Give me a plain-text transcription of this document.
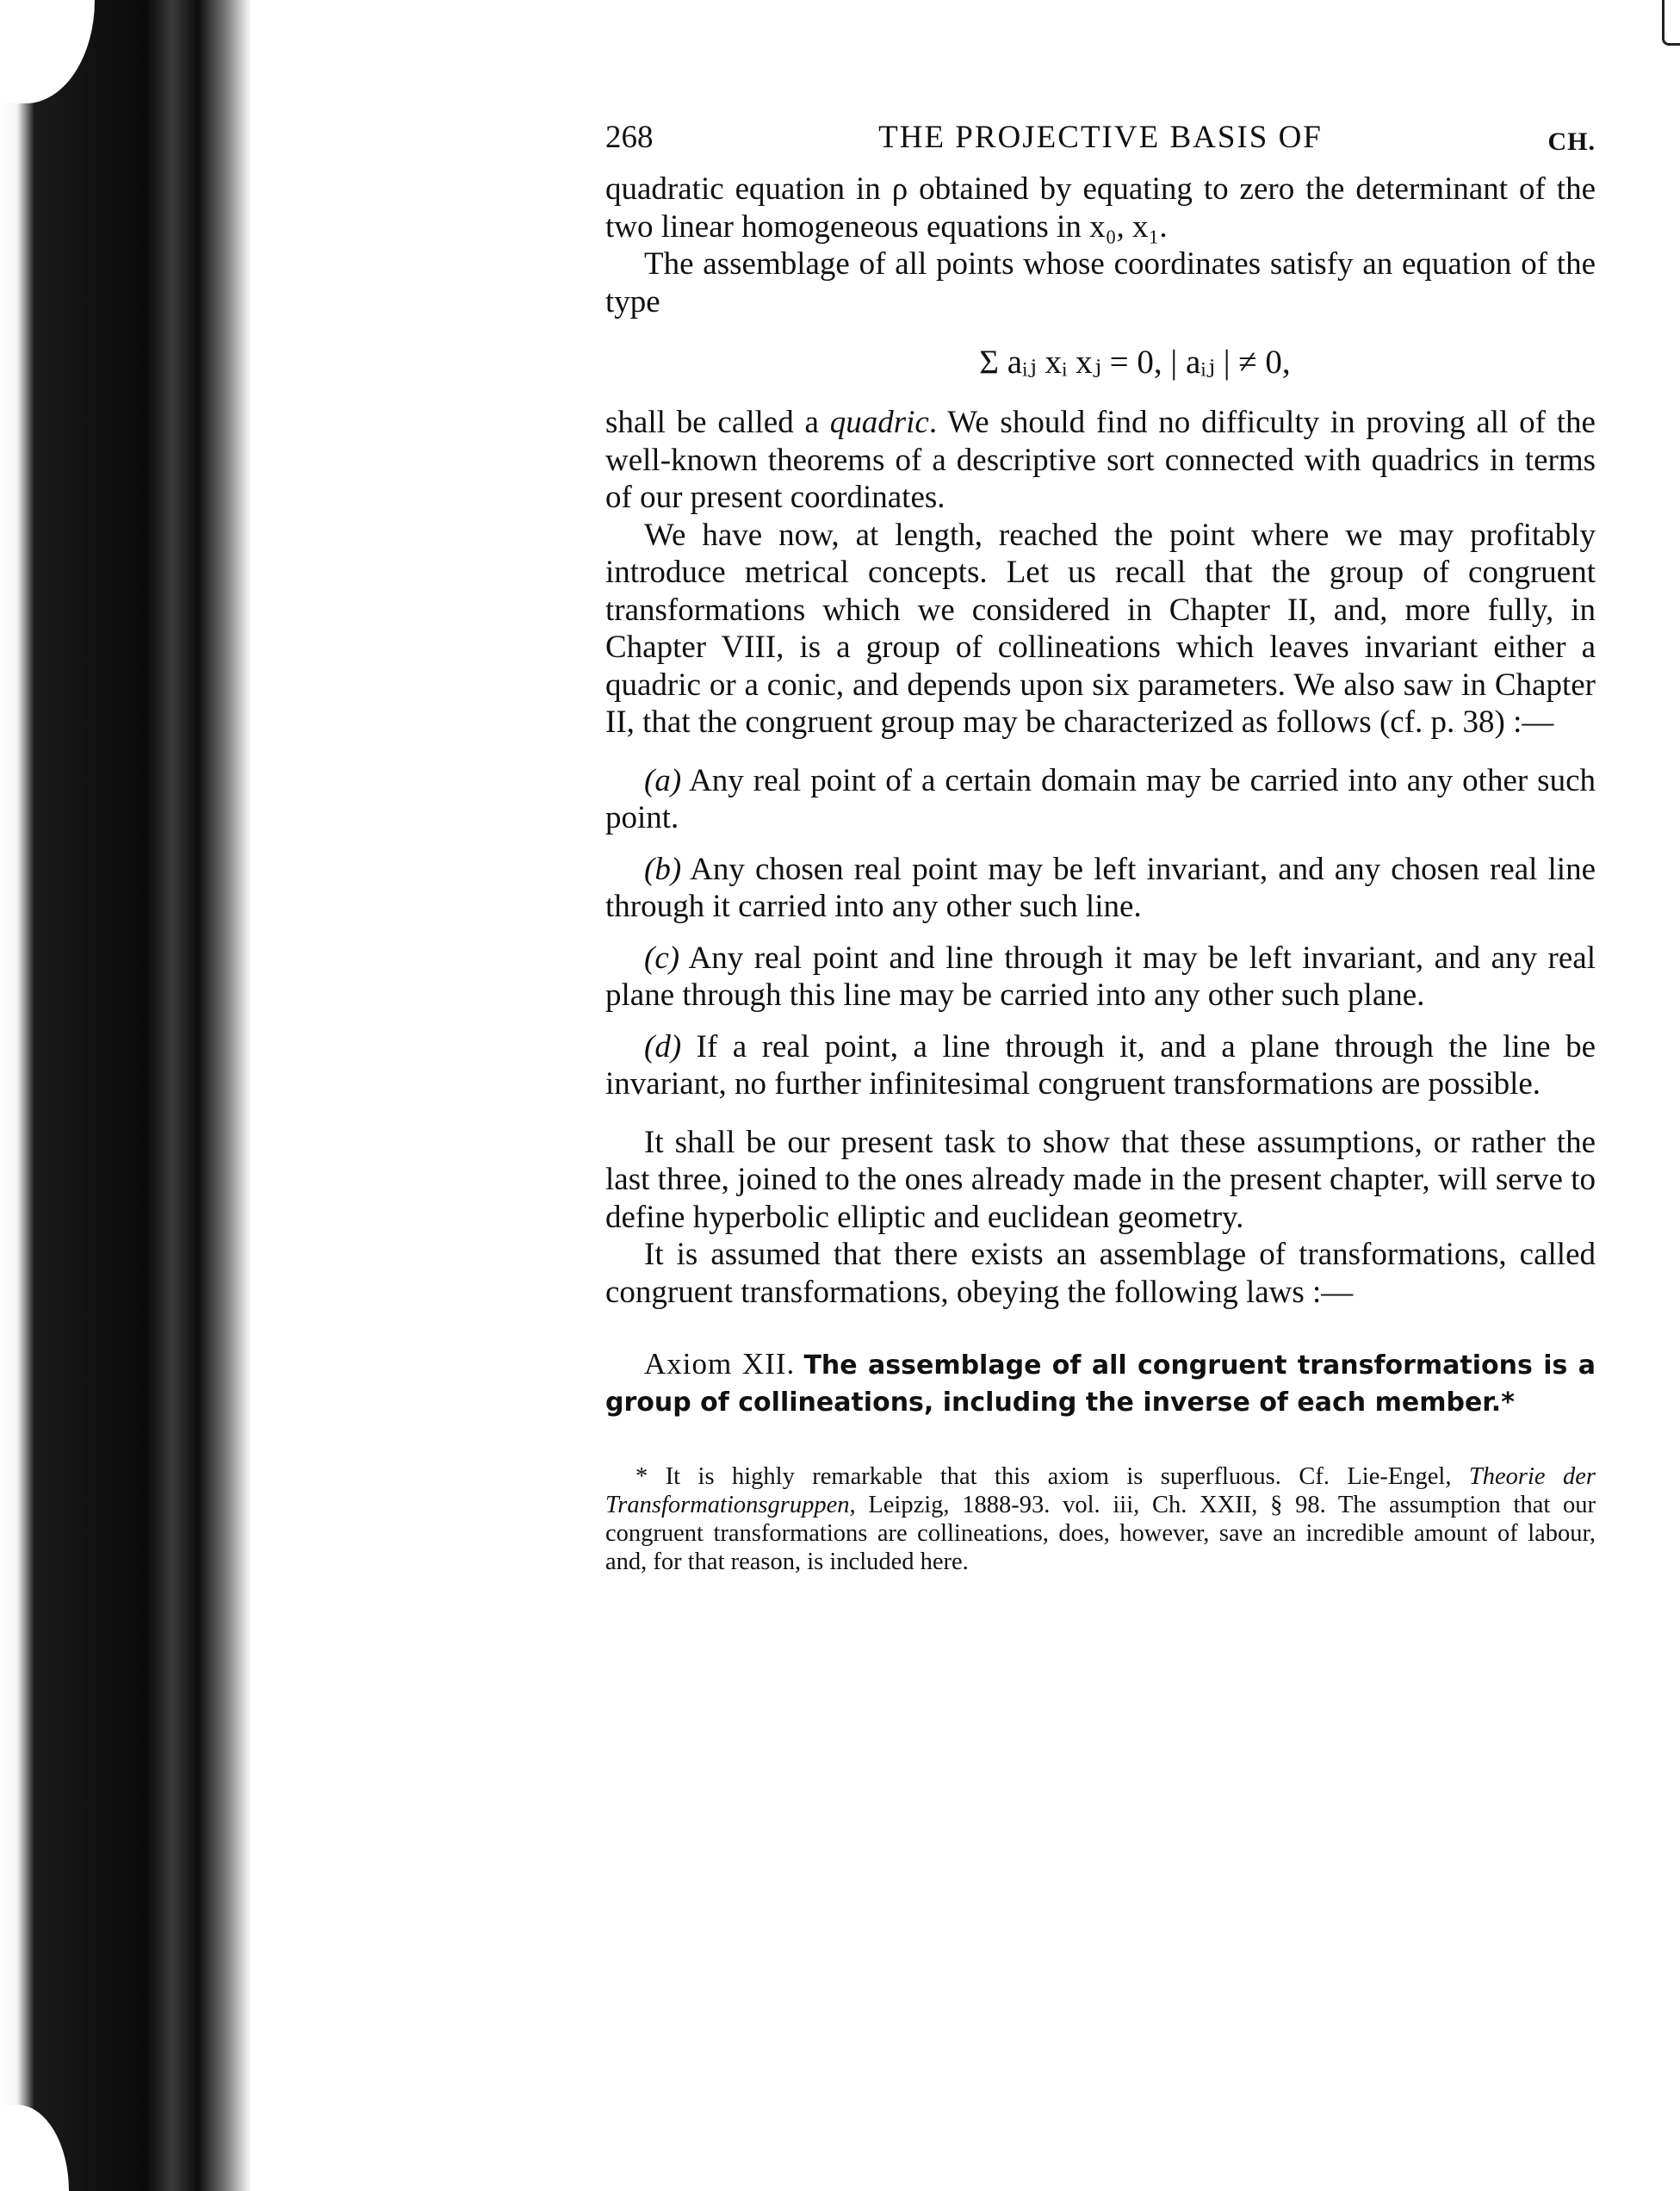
268	THE PROJECTIVE BASIS OF	CH.

quadratic equation in ρ obtained by equating to zero the determinant of the two linear homogeneous equations in x₀, x₁.

The assemblage of all points whose coordinates satisfy an equation of the type

Σ aᵢⱼ xᵢ xⱼ = 0, | aᵢⱼ | ≠ 0,

shall be called a quadric. We should find no difficulty in proving all of the well-known theorems of a descriptive sort connected with quadrics in terms of our present coordinates.

We have now, at length, reached the point where we may profitably introduce metrical concepts. Let us recall that the group of congruent transformations which we considered in Chapter II, and, more fully, in Chapter VIII, is a group of collineations which leaves invariant either a quadric or a conic, and depends upon six parameters. We also saw in Chapter II, that the congruent group may be characterized as follows (cf. p. 38) :—

(a) Any real point of a certain domain may be carried into any other such point.

(b) Any chosen real point may be left invariant, and any chosen real line through it carried into any other such line.

(c) Any real point and line through it may be left invariant, and any real plane through this line may be carried into any other such plane.

(d) If a real point, a line through it, and a plane through the line be invariant, no further infinitesimal congruent transformations are possible.

It shall be our present task to show that these assumptions, or rather the last three, joined to the ones already made in the present chapter, will serve to define hyperbolic elliptic and euclidean geometry.

It is assumed that there exists an assemblage of transformations, called congruent transformations, obeying the following laws :—

Axiom XII. The assemblage of all congruent transformations is a group of collineations, including the inverse of each member.*

* It is highly remarkable that this axiom is superfluous. Cf. Lie-Engel, Theorie der Transformationsgruppen, Leipzig, 1888-93. vol. iii, Ch. XXII, § 98. The assumption that our congruent transformations are collineations, does, however, save an incredible amount of labour, and, for that reason, is included here.
